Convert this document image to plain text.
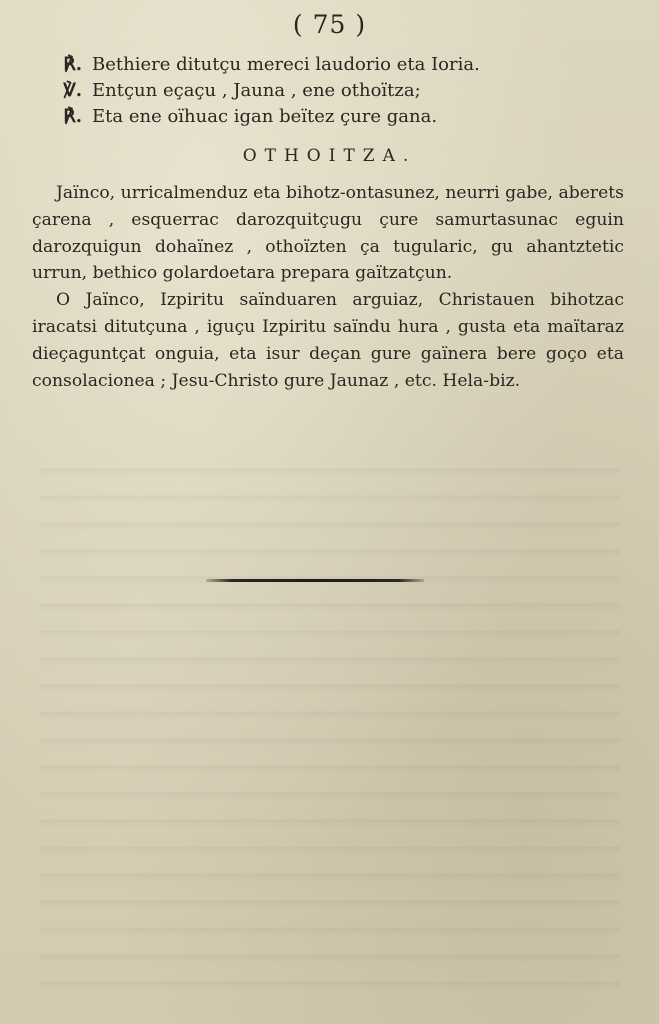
( 75 )
℟. Bethiere ditutçu mereci laudorio eta Ioria.
℣. Entçun eçaçu , Jauna , ene othoïtza;
℟. Eta ene oïhuac igan beïtez çure gana.
OTHOITZA.

Jaïnco, urricalmenduz eta bihotz-ontasunez, neurri gabe, aberets çarena , esquerrac darozquitçugu çure samurtasunac eguin darozquigun dohaïnez , othoïzten ça tugularic, gu ahantztetic urrun, bethico golardoetara prepara gaïtzatçun.

O Jaïnco, Izpiritu saïnduaren arguiaz, Christauen bihotzac iracatsi ditutçuna , iguçu Izpiritu saïndu hura , gusta eta maïtaraz dieçaguntçat onguia, eta isur deçan gure gaïnera bere goço eta consolacionea ; Jesu-Christo gure Jaunaz , etc. Hela-biz.
